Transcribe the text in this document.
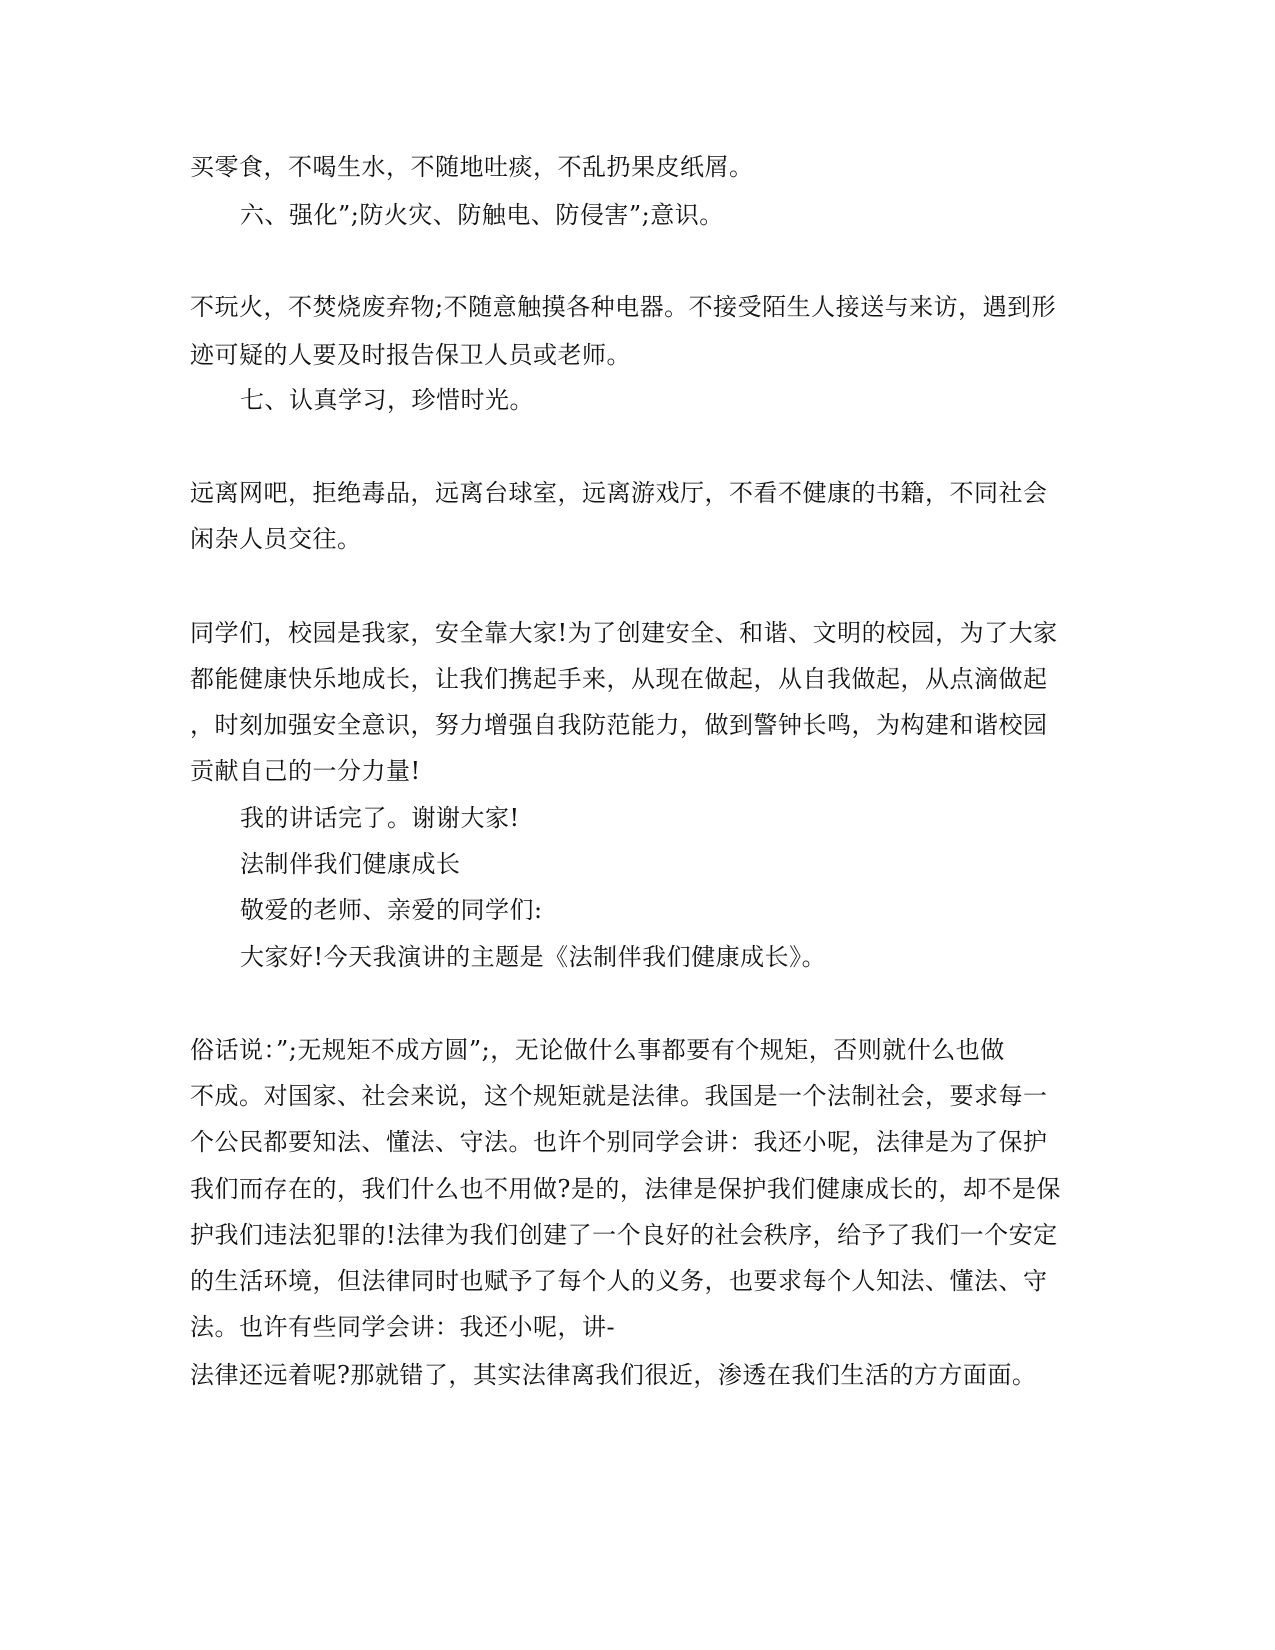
买零食，不喝生水，不随地吐痰，不乱扔果皮纸屑。
六、强化”;防火灾、防触电、防侵害”;意识。
不玩火，不焚烧废弃物;不随意触摸各种电器。不接受陌生人接送与来访，遇到形
迹可疑的人要及时报告保卫人员或老师。
七、认真学习，珍惜时光。
远离网吧，拒绝毒品，远离台球室，远离游戏厅，不看不健康的书籍，不同社会
闲杂人员交往。
同学们，校园是我家，安全靠大家!为了创建安全、和谐、文明的校园，为了大家
都能健康快乐地成长，让我们携起手来，从现在做起，从自我做起，从点滴做起
，时刻加强安全意识，努力增强自我防范能力，做到警钟长鸣，为构建和谐校园
贡献自己的一分力量!
我的讲话完了。谢谢大家!
法制伴我们健康成长
敬爱的老师、亲爱的同学们:
大家好!今天我演讲的主题是《法制伴我们健康成长》。
俗话说：”;无规矩不成方圆”;，无论做什么事都要有个规矩，否则就什么也做
不成。对国家、社会来说，这个规矩就是法律。我国是一个法制社会，要求每一
个公民都要知法、懂法、守法。也许个别同学会讲：我还小呢，法律是为了保护
我们而存在的，我们什么也不用做?是的，法律是保护我们健康成长的，却不是保
护我们违法犯罪的!法律为我们创建了一个良好的社会秩序，给予了我们一个安定
的生活环境，但法律同时也赋予了每个人的义务，也要求每个人知法、懂法、守
法。也许有些同学会讲：我还小呢，讲-
法律还远着呢?那就错了，其实法律离我们很近，渗透在我们生活的方方面面。
